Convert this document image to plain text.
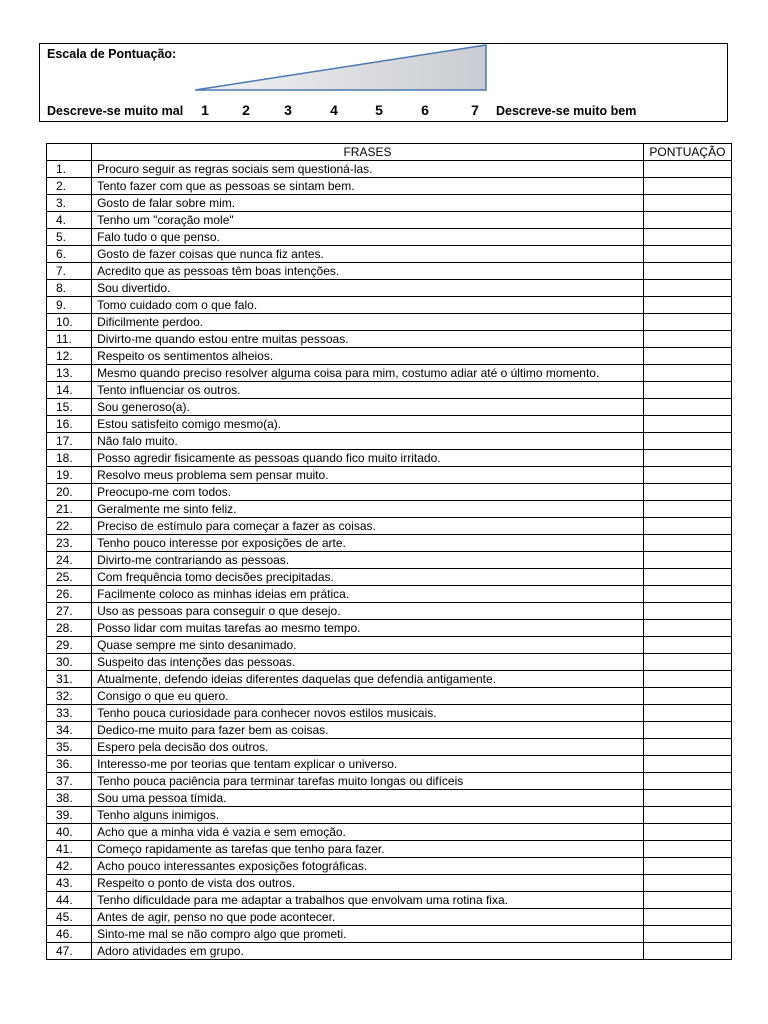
Escala de Pontuação:
Descreve-se muito mal 1 2 3	4	5	6	7 Descreve-se muito bem
	FRASES	PONTUAÇÃO
1.	Procuro seguir as regras sociais sem questioná-las.	
2.	Tento fazer com que as pessoas se sintam bem.	
3.	Gosto de falar sobre mim.	
4.	Tenho um "coração mole"	
5.	Falo tudo o que penso.	
6.	Gosto de fazer coisas que nunca fiz antes.	
7.	Acredito que as pessoas têm boas intenções.	
8.	Sou divertido.	
9.	Tomo cuidado com o que falo.	
10.	Dificilmente perdoo.	
11.	Divirto-me quando estou entre muitas pessoas.	
12.	Respeito os sentimentos alheios.	
13.	Mesmo quando preciso resolver alguma coisa para mim, costumo adiar até o último momento.	
14.	Tento influenciar os outros.	
15.	Sou generoso(a).	
16.	Estou satisfeito comigo mesmo(a).	
17.	Não falo muito.	
18.	Posso agredir fisicamente as pessoas quando fico muito irritado.	
19.	Resolvo meus problema sem pensar muito.	
20.	Preocupo-me com todos.	
21.	Geralmente me sinto feliz.	
22.	Preciso de estímulo para começar a fazer as coisas.	
23.	Tenho pouco interesse por exposições de arte.	
24.	Divirto-me contrariando as pessoas.	
25.	Com frequência tomo decisões precipitadas.	
26.	Facilmente coloco as minhas ideias em prática.	
27.	Uso as pessoas para conseguir o que desejo.	
28.	Posso lidar com muitas tarefas ao mesmo tempo.	
29.	Quase sempre me sinto desanimado.	
30.	Suspeito das intenções das pessoas.	
31.	Atualmente, defendo ideias diferentes daquelas que defendia antigamente.	
32.	Consigo o que eu quero.	
33.	Tenho pouca curiosidade para conhecer novos estilos musicais.	
34.	Dedico-me muito para fazer bem as coisas.	
35.	Espero pela decisão dos outros.	
36.	Interesso-me por teorias que tentam explicar o universo.	
37.	Tenho pouca paciência para terminar tarefas muito longas ou difíceis	
38.	Sou uma pessoa tímida.	
39.	Tenho alguns inimigos.	
40.	Acho que a minha vida é vazia e sem emoção.	
41.	Começo rapidamente as tarefas que tenho para fazer.	
42.	Acho pouco interessantes exposições fotográficas.	
43.	Respeito o ponto de vista dos outros.	
44.	Tenho dificuldade para me adaptar a trabalhos que envolvam uma rotina fixa.	
45.	Antes de agir, penso no que pode acontecer.	
46.	Sinto-me mal se não compro algo que prometi.	
47.	Adoro atividades em grupo.	
